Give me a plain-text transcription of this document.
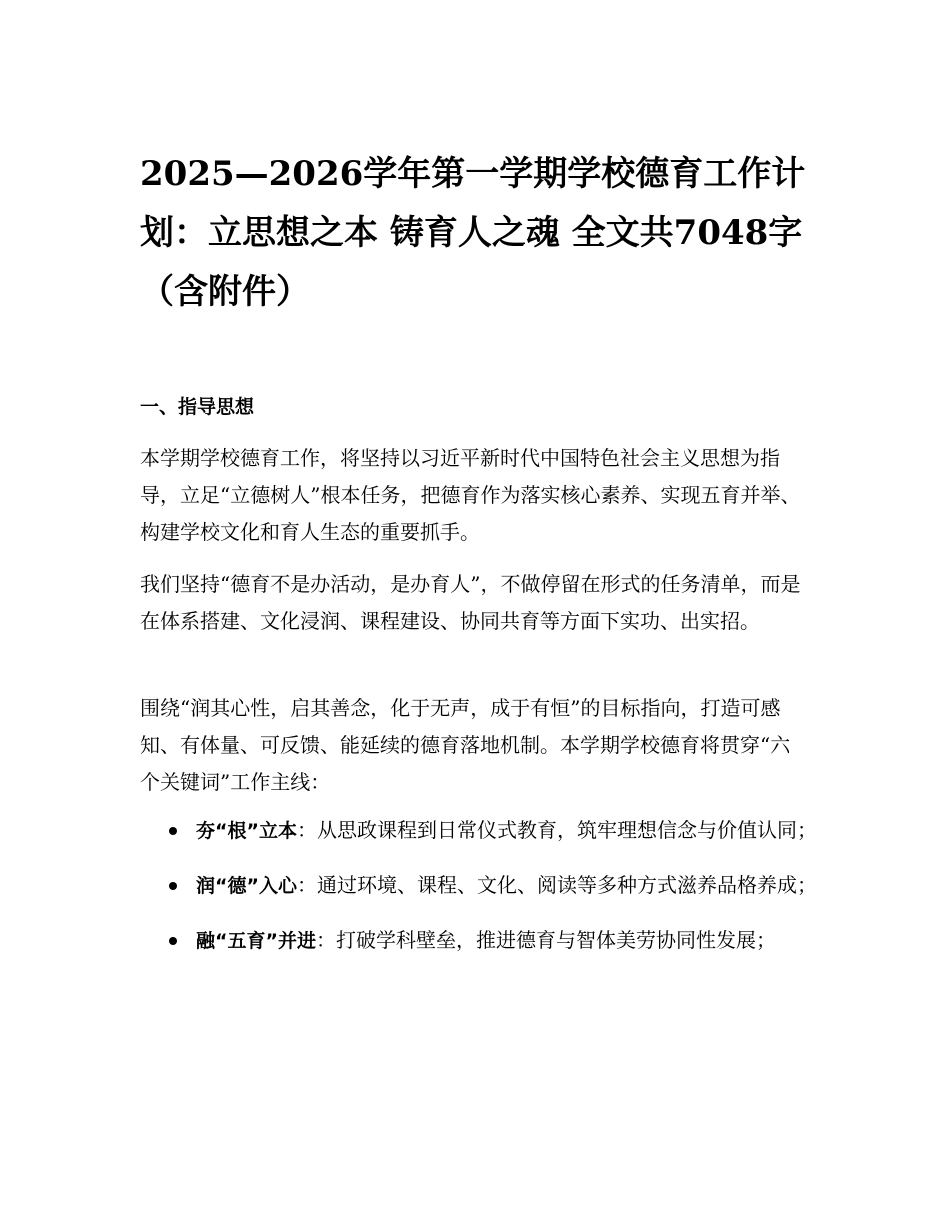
2025—2026学年第一学期学校德育工作计划：立思想之本 铸育人之魂 全文共7048字（含附件）
一、指导思想

本学期学校德育工作，将坚持以习近平新时代中国特色社会主义思想为指导，立足“立德树人”根本任务，把德育作为落实核心素养、实现五育并举、构建学校文化和育人生态的重要抓手。

我们坚持“德育不是办活动，是办育人”，不做停留在形式的任务清单，而是在体系搭建、文化浸润、课程建设、协同共育等方面下实功、出实招。

围绕“润其心性，启其善念，化于无声，成于有恒”的目标指向，打造可感知、有体量、可反馈、能延续的德育落地机制。本学期学校德育将贯穿“六个关键词”工作主线：

夯“根”立本：从思政课程到日常仪式教育，筑牢理想信念与价值认同；
润“德”入心：通过环境、课程、文化、阅读等多种方式滋养品格养成；
融“五育”并进：打破学科壁垒，推进德育与智体美劳协同性发展；
